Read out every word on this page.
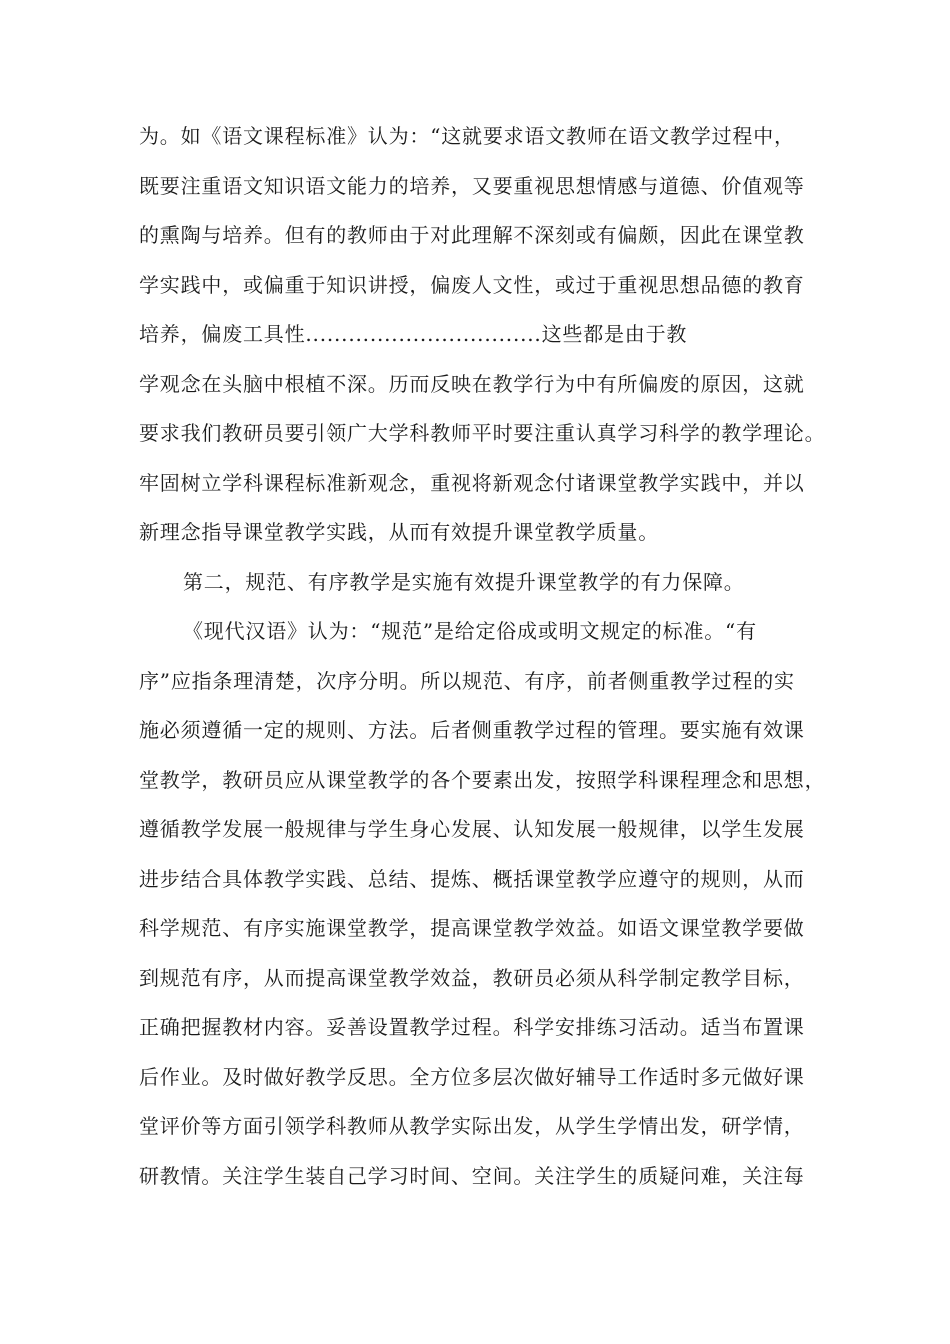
为。如《语文课程标准》认为：“这就要求语文教师在语文教学过程中，
既要注重语文知识语文能力的培养，又要重视思想情感与道德、价值观等
的熏陶与培养。但有的教师由于对此理解不深刻或有偏颇，因此在课堂教
学实践中，或偏重于知识讲授，偏废人文性，或过于重视思想品德的教育
培养，偏废工具性.................................这些都是由于教
学观念在头脑中根植不深。历而反映在教学行为中有所偏废的原因，这就
要求我们教研员要引领广大学科教师平时要注重认真学习科学的教学理论。
牢固树立学科课程标准新观念，重视将新观念付诸课堂教学实践中，并以
新理念指导课堂教学实践，从而有效提升课堂教学质量。
第二，规范、有序教学是实施有效提升课堂教学的有力保障。
《现代汉语》认为：“规范”是给定俗成或明文规定的标准。“有
序”应指条理清楚，次序分明。所以规范、有序，前者侧重教学过程的实
施必须遵循一定的规则、方法。后者侧重教学过程的管理。要实施有效课
堂教学，教研员应从课堂教学的各个要素出发，按照学科课程理念和思想，
遵循教学发展一般规律与学生身心发展、认知发展一般规律，以学生发展
进步结合具体教学实践、总结、提炼、概括课堂教学应遵守的规则，从而
科学规范、有序实施课堂教学，提高课堂教学效益。如语文课堂教学要做
到规范有序，从而提高课堂教学效益，教研员必须从科学制定教学目标，
正确把握教材内容。妥善设置教学过程。科学安排练习活动。适当布置课
后作业。及时做好教学反思。全方位多层次做好辅导工作适时多元做好课
堂评价等方面引领学科教师从教学实际出发，从学生学情出发，研学情，
研教情。关注学生装自己学习时间、空间。关注学生的质疑问难，关注每
